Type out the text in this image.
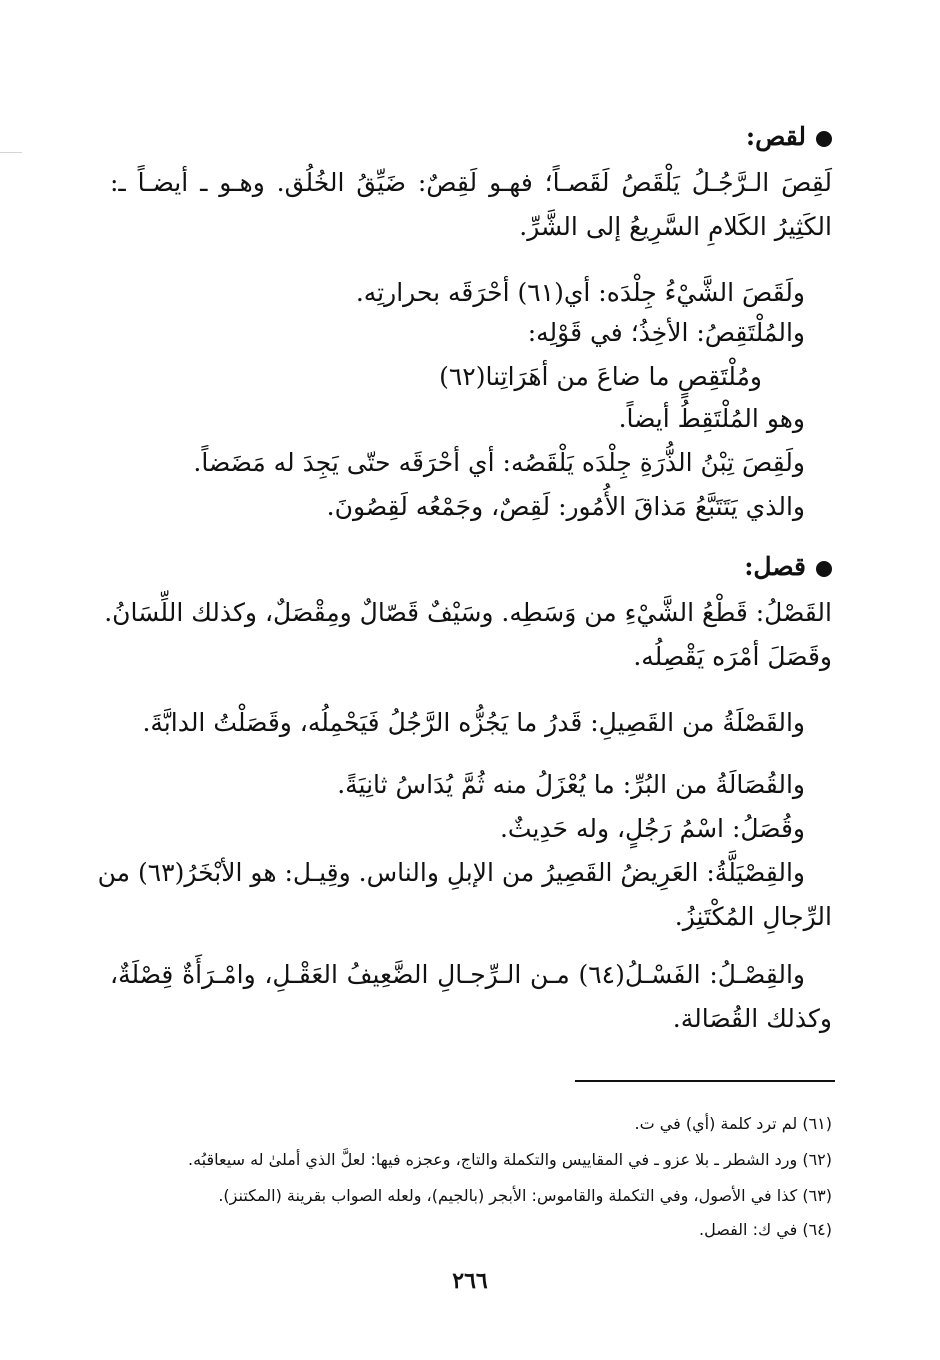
لقص:
لَقِصَ الـرَّجُـلُ يَلْقَصُ لَقَصـاً؛ فهـو لَقِصٌ: ضَيِّقُ الخُلُق. وهـو ـ أيضـاً ـ:
الكَثِيرُ الكَلامِ السَّرِيعُ إلى الشَّرِّ.
ولَقَصَ الشَّيْءُ جِلْدَه: أي(٦١) أحْرَقَه بحرارتِه.
والمُلْتَقِصُ: الأخِذُ؛ في قَوْلِه:
ومُلْتَقِصٍ ما ضاعَ من أهَرَاتِنا(٦٢)
وهو المُلْتَقِطُ أيضاً.
ولَقِصَ تِبْنُ الذُّرَةِ جِلْدَه يَلْقَصُه: أي أحْرَقَه حتّى يَجِدَ له مَضَضاً.
والذي يَتَتَبَّعُ مَذاقَ الأُمُور: لَقِصٌ، وجَمْعُه لَقِصُونَ.
قصل:
القَصْلُ: قَطْعُ الشَّيْءِ من وَسَطِه. وسَيْفٌ قَصّالٌ ومِقْصَلٌ، وكذلك اللِّسَانُ.
وقَصَلَ أمْرَه يَقْصِلُه.
والقَصْلَةُ من القَصِيلِ: قَدرُ ما يَجُزُّه الرَّجُلُ فَيَحْمِلُه، وقَصَلْتُ الدابَّةَ.
والقُصَالَةُ من البُرِّ: ما يُعْزَلُ منه ثُمَّ يُدَاسُ ثانِيَةً.
وقُصَلُ: اسْمُ رَجُلٍ، وله حَدِيثٌ.
والقِصْيَلَّةُ: العَرِيضُ القَصِيرُ من الإبلِ والناس. وقِيـل: هو الأبْخَرُ(٦٣) من
الرِّجالِ المُكْتَنِزُ.
والقِصْـلُ: الفَسْـلُ(٦٤) مـن الـرِّجـالِ الضَّعِيفُ العَقْـلِ، وامْـرَأَةٌ قِصْلَةٌ،
وكذلك القُصَالة.
(٦١) لم ترد كلمة (أي) في ت.
(٦٢) ورد الشطر ـ بلا عزو ـ في المقاييس والتكملة والتاج، وعجزه فيها: لعلَّ الذي أملىٰ له سيعاقبُه.
(٦٣) كذا في الأصول، وفي التكملة والقاموس: الأبجر (بالجيم)، ولعله الصواب بقرينة (المكتنز).
(٦٤) في ك: الفصل.
٢٦٦
